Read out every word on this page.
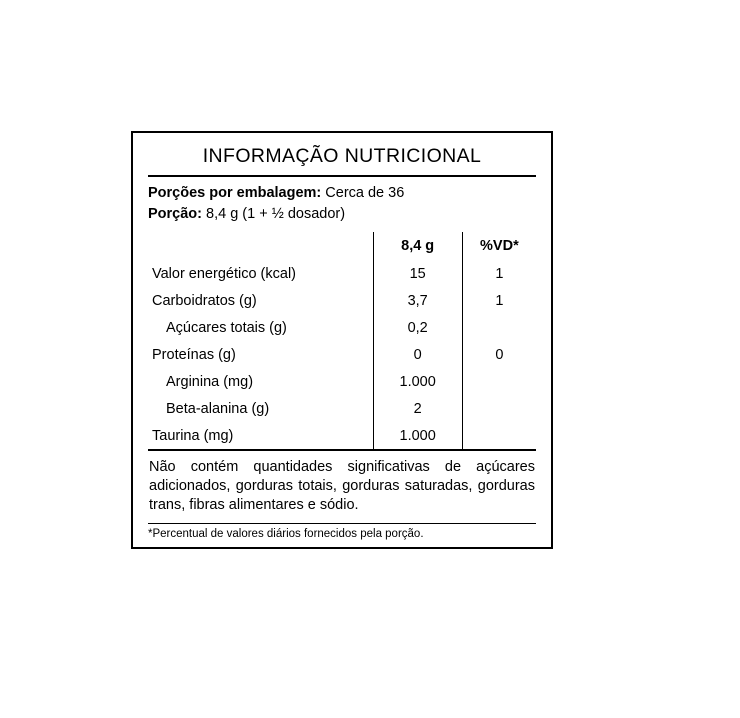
INFORMAÇÃO NUTRICIONAL
Porções por embalagem: Cerca de 36
Porção: 8,4 g (1 + ½ dosador)
	8,4 g	%VD*
Valor energético (kcal)	15	1
Carboidratos (g)	3,7	1
Açúcares totais (g)	0,2	
Proteínas (g)	0	0
Arginina (mg)	1.000	
Beta-alanina (g)	2	
Taurina (mg)	1.000	
Não contém quantidades significativas de açúcares adicionados, gorduras totais, gorduras saturadas, gorduras trans, fibras alimentares e sódio.
*Percentual de valores diários fornecidos pela porção.
